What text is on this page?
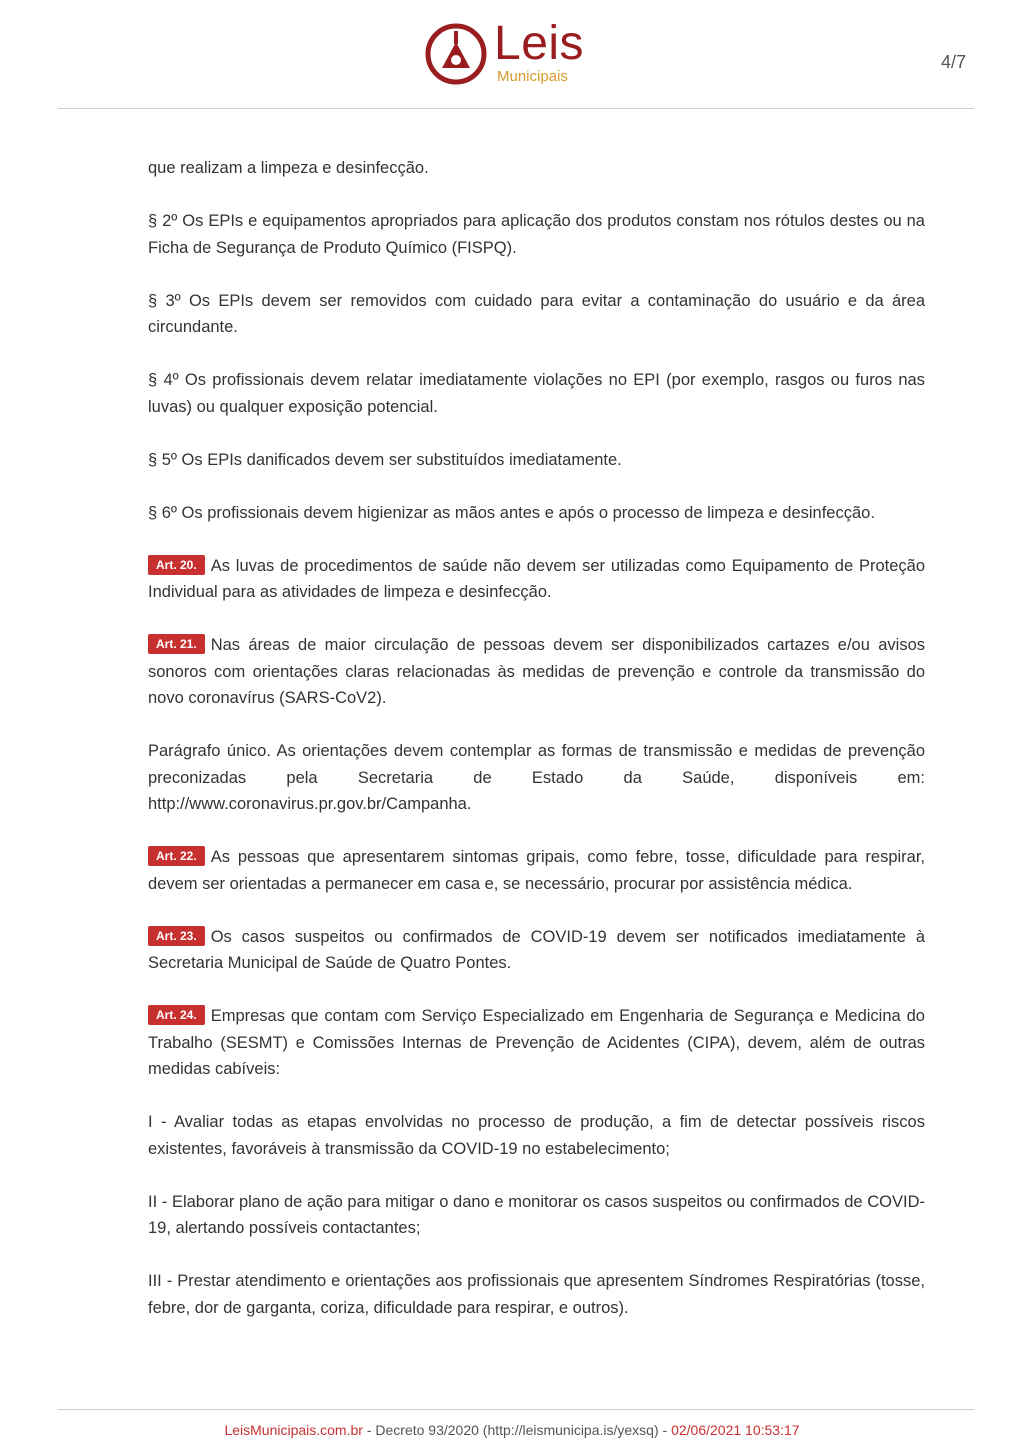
Leis
Municipais
4/7

que realizam a limpeza e desinfecção.

§ 2º Os EPIs e equipamentos apropriados para aplicação dos produtos constam nos rótulos destes ou na Ficha de Segurança de Produto Químico (FISPQ).

§ 3º Os EPIs devem ser removidos com cuidado para evitar a contaminação do usuário e da área circundante.

§ 4º Os profissionais devem relatar imediatamente violações no EPI (por exemplo, rasgos ou furos nas luvas) ou qualquer exposição potencial.

§ 5º Os EPIs danificados devem ser substituídos imediatamente.

§ 6º Os profissionais devem higienizar as mãos antes e após o processo de limpeza e desinfecção.

Art. 20. As luvas de procedimentos de saúde não devem ser utilizadas como Equipamento de Proteção Individual para as atividades de limpeza e desinfecção.

Art. 21. Nas áreas de maior circulação de pessoas devem ser disponibilizados cartazes e/ou avisos sonoros com orientações claras relacionadas às medidas de prevenção e controle da transmissão do novo coronavírus (SARS-CoV2).

Parágrafo único. As orientações devem contemplar as formas de transmissão e medidas de prevenção preconizadas pela Secretaria de Estado da Saúde, disponíveis em: http://www.coronavirus.pr.gov.br/Campanha.

Art. 22. As pessoas que apresentarem sintomas gripais, como febre, tosse, dificuldade para respirar, devem ser orientadas a permanecer em casa e, se necessário, procurar por assistência médica.

Art. 23. Os casos suspeitos ou confirmados de COVID-19 devem ser notificados imediatamente à Secretaria Municipal de Saúde de Quatro Pontes.

Art. 24. Empresas que contam com Serviço Especializado em Engenharia de Segurança e Medicina do Trabalho (SESMT) e Comissões Internas de Prevenção de Acidentes (CIPA), devem, além de outras medidas cabíveis:

I - Avaliar todas as etapas envolvidas no processo de produção, a fim de detectar possíveis riscos existentes, favoráveis à transmissão da COVID-19 no estabelecimento;

II - Elaborar plano de ação para mitigar o dano e monitorar os casos suspeitos ou confirmados de COVID-19, alertando possíveis contactantes;

III - Prestar atendimento e orientações aos profissionais que apresentem Síndromes Respiratórias (tosse, febre, dor de garganta, coriza, dificuldade para respirar, e outros).

LeisMunicipais.com.br - Decreto 93/2020 (http://leismunicipa.is/yexsq) - 02/06/2021 10:53:17
